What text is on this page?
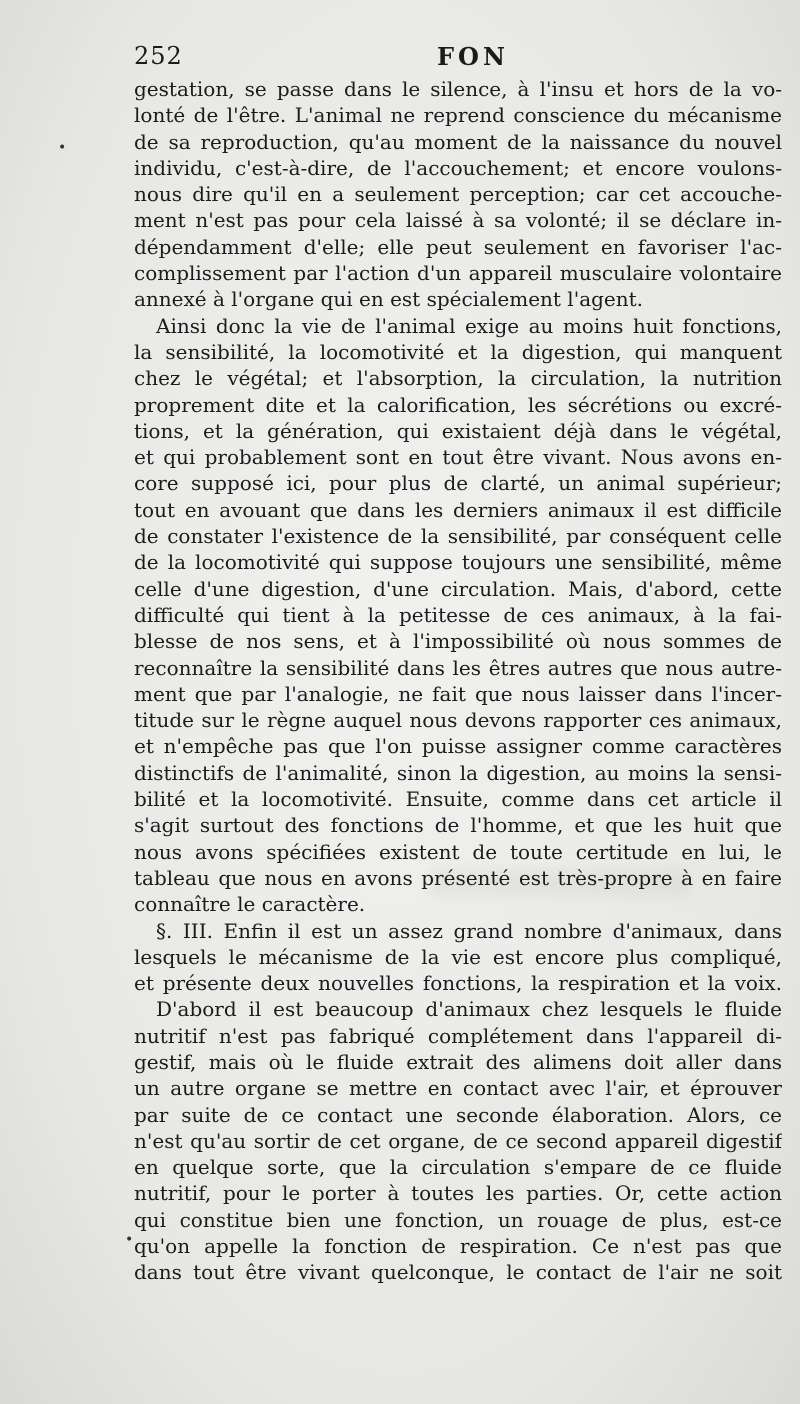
252	FON
•
•
gestation, se passe dans le silence, à l'insu et hors de la vo-
lonté de l'être. L'animal ne reprend conscience du mécanisme
de sa reproduction, qu'au moment de la naissance du nouvel
individu, c'est-à-dire, de l'accouchement; et encore voulons-
nous dire qu'il en a seulement perception; car cet accouche-
ment n'est pas pour cela laissé à sa volonté; il se déclare in-
dépendamment d'elle; elle peut seulement en favoriser l'ac-
complissement par l'action d'un appareil musculaire volontaire
annexé à l'organe qui en est spécialement l'agent.
Ainsi donc la vie de l'animal exige au moins huit fonctions,
la sensibilité, la locomotivité et la digestion, qui manquent
chez le végétal; et l'absorption, la circulation, la nutrition
proprement dite et la calorification, les sécrétions ou excré-
tions, et la génération, qui existaient déjà dans le végétal,
et qui probablement sont en tout être vivant. Nous avons en-
core supposé ici, pour plus de clarté, un animal supérieur;
tout en avouant que dans les derniers animaux il est difficile
de constater l'existence de la sensibilité, par conséquent celle
de la locomotivité qui suppose toujours une sensibilité, même
celle d'une digestion, d'une circulation. Mais, d'abord, cette
difficulté qui tient à la petitesse de ces animaux, à la fai-
blesse de nos sens, et à l'impossibilité où nous sommes de
reconnaître la sensibilité dans les êtres autres que nous autre-
ment que par l'analogie, ne fait que nous laisser dans l'incer-
titude sur le règne auquel nous devons rapporter ces animaux,
et n'empêche pas que l'on puisse assigner comme caractères
distinctifs de l'animalité, sinon la digestion, au moins la sensi-
bilité et la locomotivité. Ensuite, comme dans cet article il
s'agit surtout des fonctions de l'homme, et que les huit que
nous avons spécifiées existent de toute certitude en lui, le
tableau que nous en avons présenté est très-propre à en faire
connaître le caractère.
§. III. Enfin il est un assez grand nombre d'animaux, dans
lesquels le mécanisme de la vie est encore plus compliqué,
et présente deux nouvelles fonctions, la respiration et la voix.
D'abord il est beaucoup d'animaux chez lesquels le fluide
nutritif n'est pas fabriqué complétement dans l'appareil di-
gestif, mais où le fluide extrait des alimens doit aller dans
un autre organe se mettre en contact avec l'air, et éprouver
par suite de ce contact une seconde élaboration. Alors, ce
n'est qu'au sortir de cet organe, de ce second appareil digestif
en quelque sorte, que la circulation s'empare de ce fluide
nutritif, pour le porter à toutes les parties. Or, cette action
qui constitue bien une fonction, un rouage de plus, est-ce
qu'on appelle la fonction de respiration. Ce n'est pas que
dans tout être vivant quelconque, le contact de l'air ne soit
